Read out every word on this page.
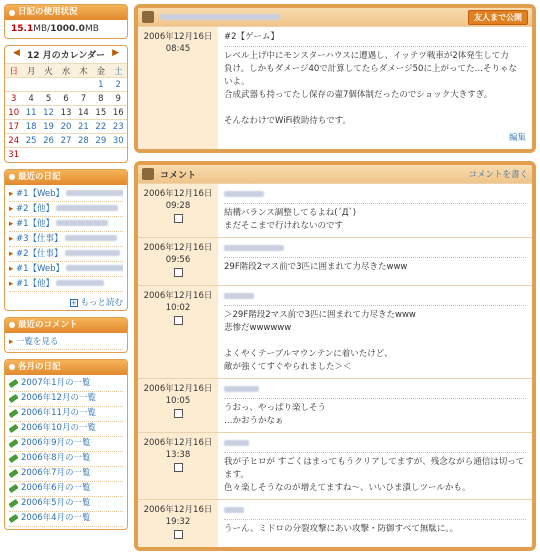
日記の使用状況
15.1MB/1000.0MB
◀ 12 月のカレンダー ▶
日	月	火	水	木	金	土
					1	2
3	4	5	6	7	8	9
10	11	12	13	14	15	16
17	18	19	20	21	22	23
24	25	26	27	28	29	30
31						
最近の日記
▸ #1【Web】
▸ #2【他】
▸ #1【他】
▸ #3【仕事】
▸ #2【仕事】
▸ #1【Web】
▸ #1【他】
+ もっと読む
最近のコメント
▸ 一覧を見る
各月の日記
2007年1月の一覧
2006年12月の一覧
2006年11月の一覧
2006年10月の一覧
2006年9月の一覧
2006年8月の一覧
2006年7月の一覧
2006年6月の一覧
2006年5月の一覧
2006年4月の一覧
友人まで公開
2006年12月16日
08:45
#2【ゲーム】
レベル上げ中にモンスターハウスに遭遇し、イッテツ戦車が2体発生して力
負け。しかもダメージ40で計算してたらダメージ50に上がってた…そりゃな
いよ。
合成武器も持ってたし保存の壷7個体制だったのでショック大きすぎ。

そんなわけでWiFi救助待ちです。
編集
コメント	コメントを書く
2006年12月16日
09:28
結構バランス調整してるよね(´Д`)
まだそこまで行けれないのです
2006年12月16日
09:56
29F階段2マス前で3匹に囲まれて力尽きたwww
2006年12月16日
10:02
＞29F階段2マス前で3匹に囲まれて力尽きたwww
悲惨だwwwwww

よくやくテーブルマウンテンに着いたけど、
敵が強くてすぐやられました＞＜
2006年12月16日
10:05
うおっ、やっぱり楽しそう
…かおうかなぁ
2006年12月16日
13:38
我が子ヒロが すごくはまってもうクリアしてますが、残念ながら通信は切って
ます。
色々楽しそうなのが増えてますね～、いいひま潰しツールかも。
2006年12月16日
19:32
うーん、ミドロの分裂攻撃にあい攻撃・防御すべて無駄に。。
